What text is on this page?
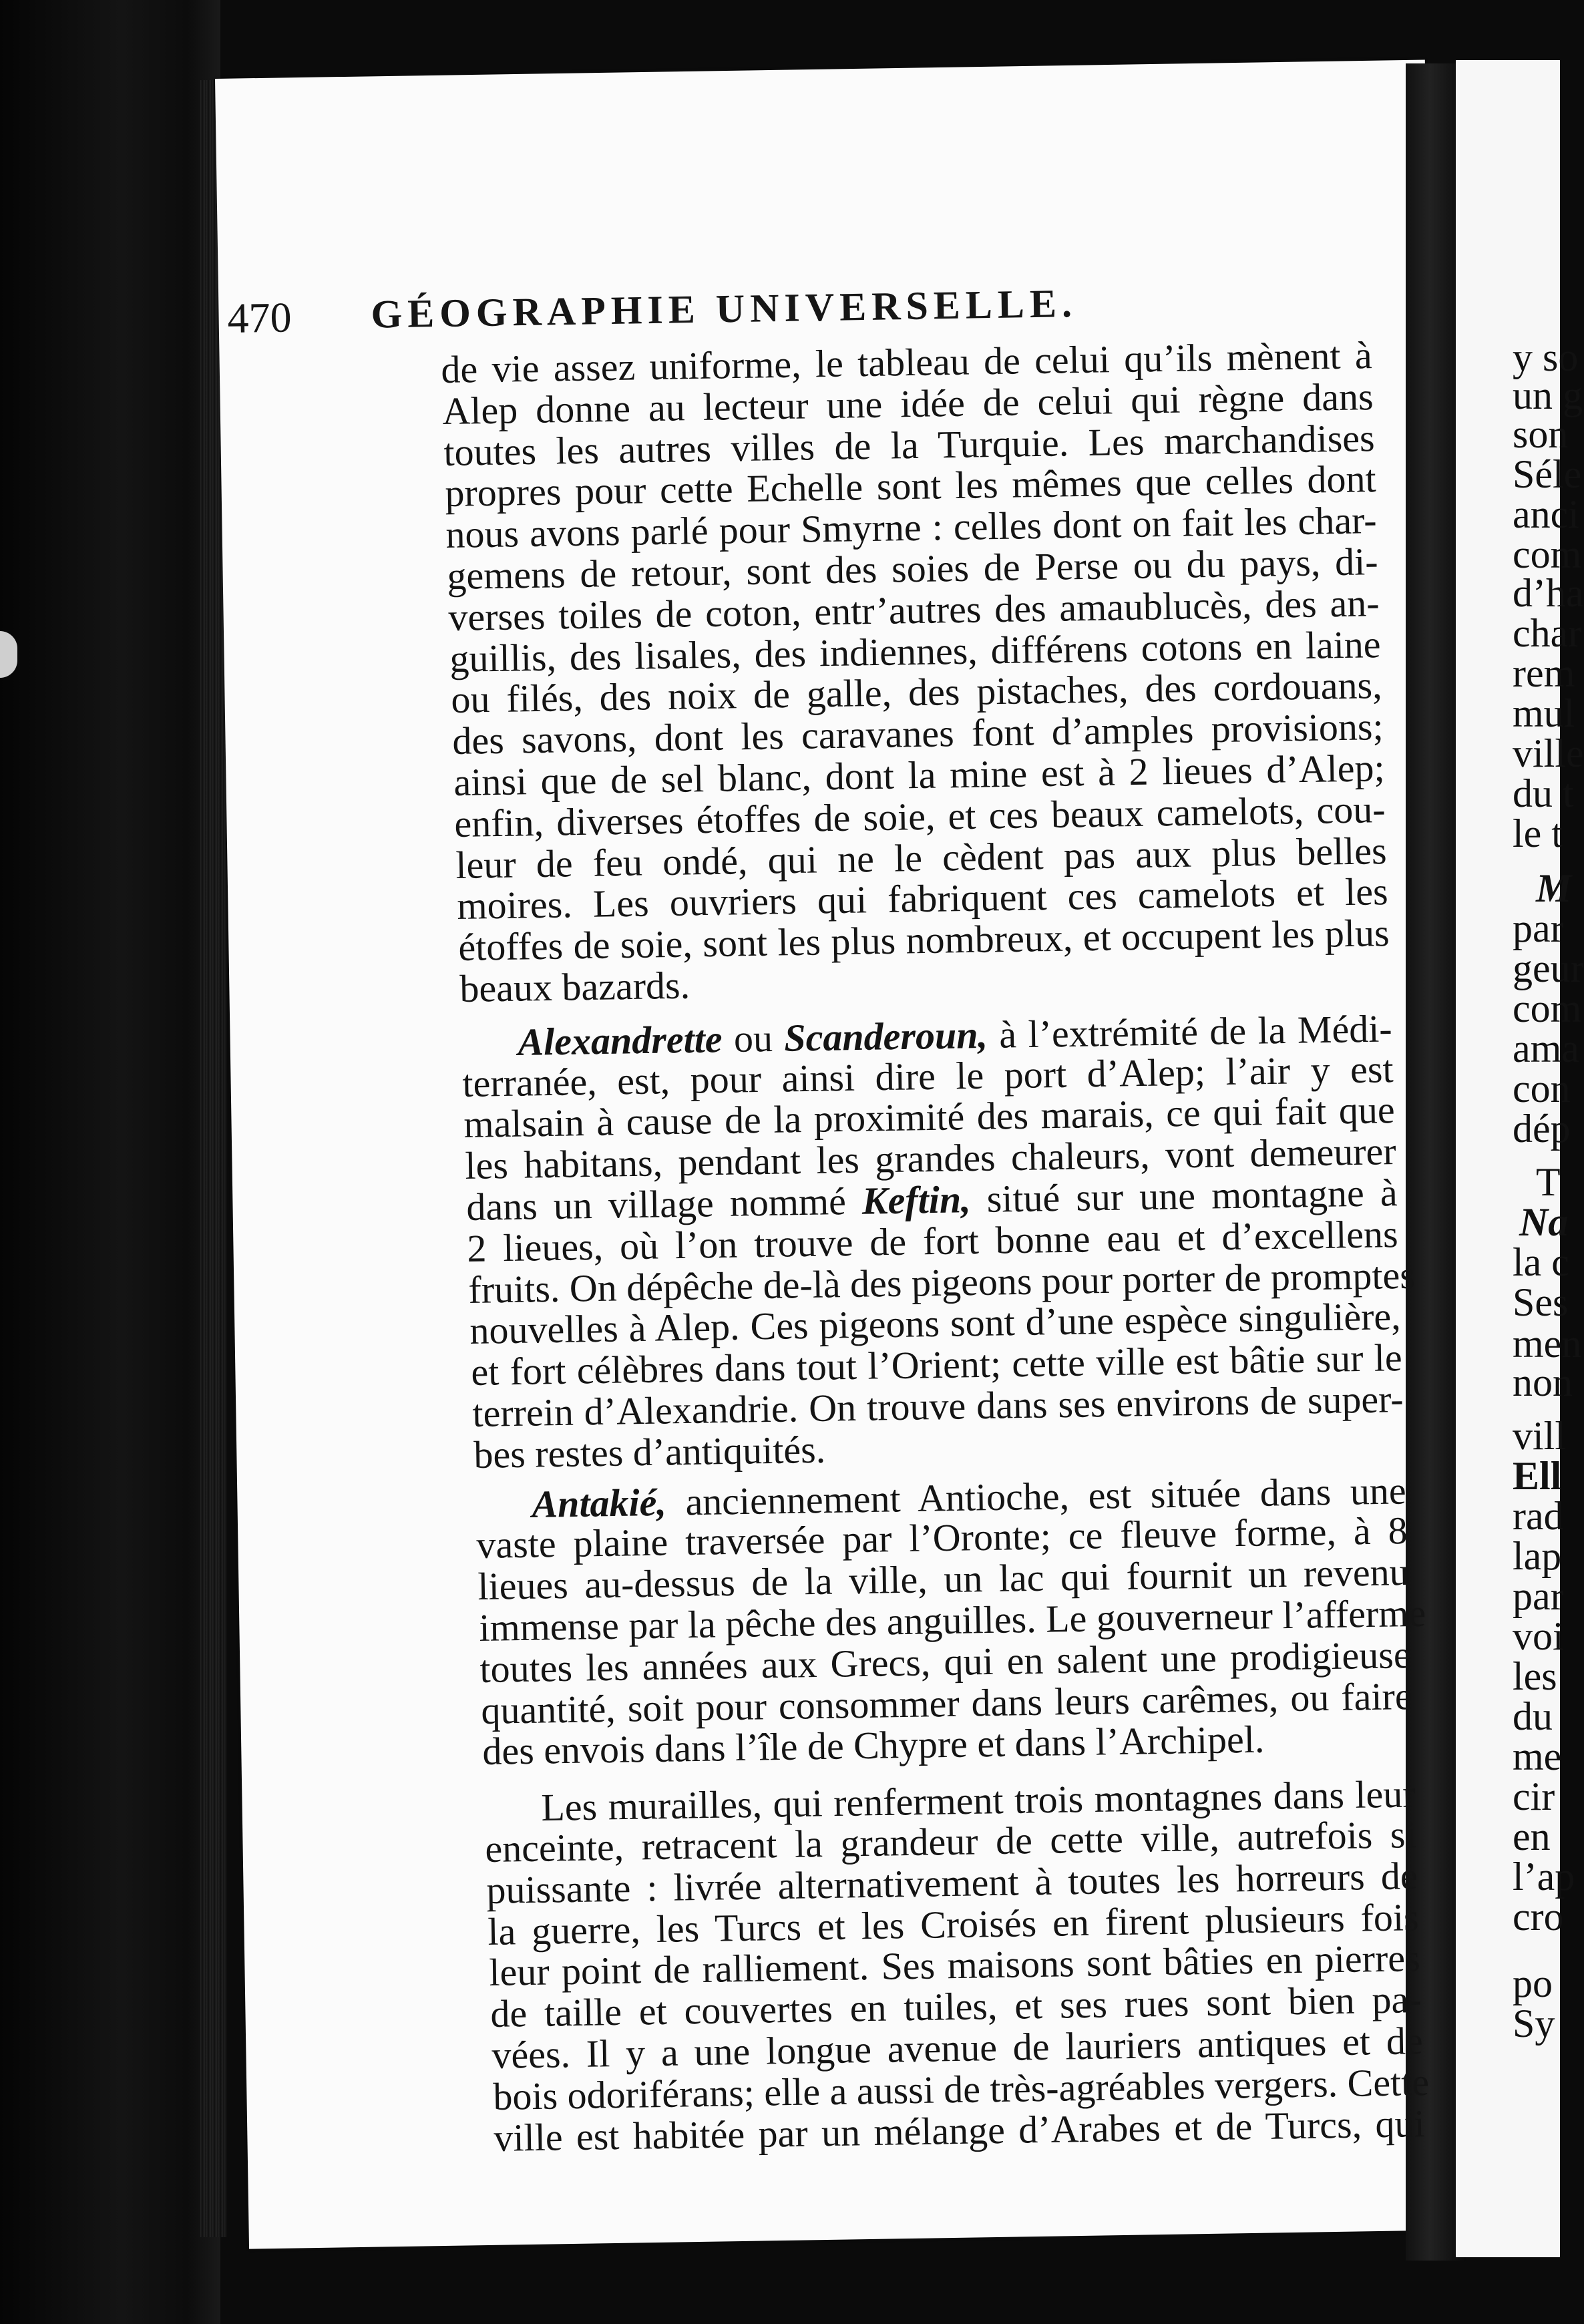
470 GÉOGRAPHIE UNIVERSELLE.
de vie assez uniforme, le tableau de celui qu’ils mènent à
Alep donne au lecteur une idée de celui qui règne dans
toutes les autres villes de la Turquie. Les marchandises
propres pour cette Echelle sont les mêmes que celles dont
nous avons parlé pour Smyrne : celles dont on fait les char-
gemens de retour, sont des soies de Perse ou du pays, di-
verses toiles de coton, entr’autres des amaublucès, des an-
guillis, des lisales, des indiennes, différens cotons en laine
ou filés, des noix de galle, des pistaches, des cordouans,
des savons, dont les caravanes font d’amples provisions;
ainsi que de sel blanc, dont la mine est à 2 lieues d’Alep;
enfin, diverses étoffes de soie, et ces beaux camelots, cou-
leur de feu ondé, qui ne le cèdent pas aux plus belles
moires. Les ouvriers qui fabriquent ces camelots et les
étoffes de soie, sont les plus nombreux, et occupent les plus
beaux bazards.
Alexandrette ou Scanderoun, à l’extrémité de la Médi-
terranée, est, pour ainsi dire le port d’Alep; l’air y est
malsain à cause de la proximité des marais, ce qui fait que
les habitans, pendant les grandes chaleurs, vont demeurer
dans un village nommé Keftin, situé sur une montagne à
2 lieues, où l’on trouve de fort bonne eau et d’excellens
fruits. On dépêche de-là des pigeons pour porter de promptes
nouvelles à Alep. Ces pigeons sont d’une espèce singulière,
et fort célèbres dans tout l’Orient; cette ville est bâtie sur le
terrein d’Alexandrie. On trouve dans ses environs de super-
bes restes d’antiquités.
Antakié, anciennement Antioche, est située dans une
vaste plaine traversée par l’Oronte; ce fleuve forme, à 8
lieues au-dessus de la ville, un lac qui fournit un revenu
immense par la pêche des anguilles. Le gouverneur l’afferme
toutes les années aux Grecs, qui en salent une prodigieuse
quantité, soit pour consommer dans leurs carêmes, ou faire
des envois dans l’île de Chypre et dans l’Archipel.
Les murailles, qui renferment trois montagnes dans leur
enceinte, retracent la grandeur de cette ville, autrefois si
puissante : livrée alternativement à toutes les horreurs de
la guerre, les Turcs et les Croisés en firent plusieurs fois
leur point de ralliement. Ses maisons sont bâties en pierres
de taille et couvertes en tuiles, et ses rues sont bien pa-
vées. Il y a une longue avenue de lauriers antiques et de
bois odoriférans; elle a aussi de très-agréables vergers. Cette
ville est habitée par un mélange d’Arabes et de Turcs, qui
y so
un g
son
Séle
anci
com
d’ha
char
rem
mul
ville
du t
le t
M
par
geur
com
ama
con
dép
T
Na
la c
Ses
men
non
vill
Ell
rad
lap
par
voi
les
du
me
cir
en
l’ap
cro
po
Sy
